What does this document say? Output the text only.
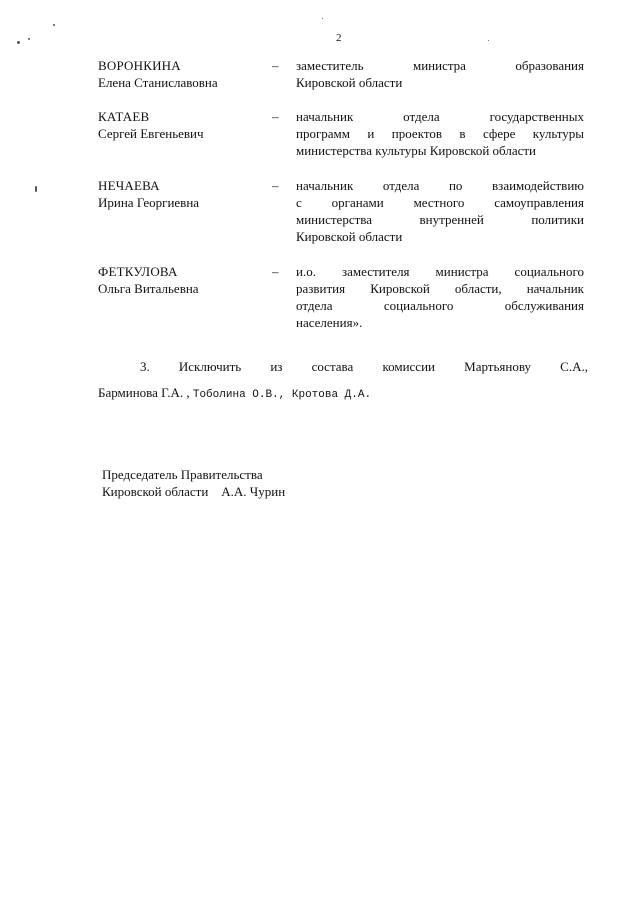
2
ВОРОНКИНА
Елена Станиславовна
– заместитель министра образования
Кировской области
КАТАЕВ
Сергей Евгеньевич
– начальник отдела государственных
программ и проектов в сфере культуры
министерства культуры Кировской области
НЕЧАЕВА
Ирина Георгиевна
– начальник отдела по взаимодействию
с органами местного самоуправления
министерства внутренней политики
Кировской области
ФЕТКУЛОВА
Ольга Витальевна
– и.о. заместителя министра социального
развития Кировской области, начальник
отдела социального обслуживания
населения».
3. Исключить из состава комиссии Мартьянову С.А.,
Барминова Г.А. , Тоболина О.В., Кротова Д.А.
Председатель Правительства
Кировской области    А.А. Чурин
